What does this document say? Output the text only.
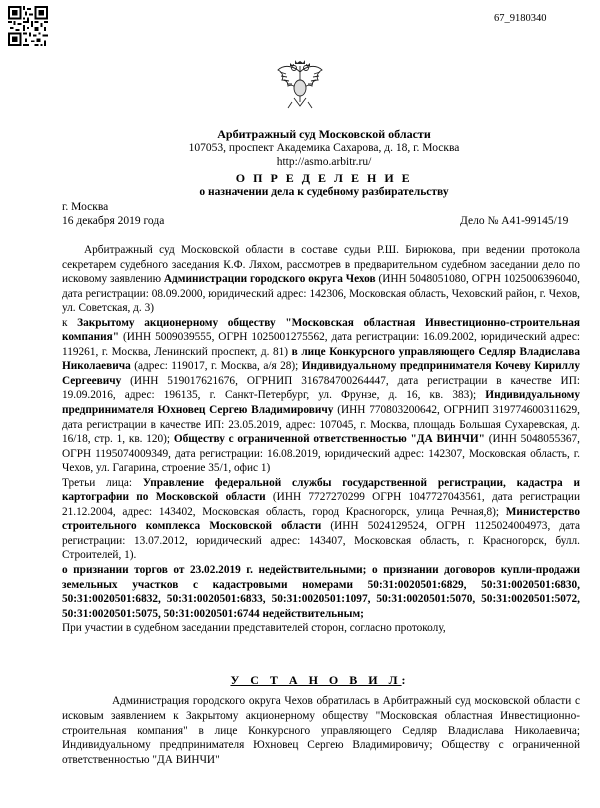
67_9180340
Арбитражный суд Московской области
107053, проспект Академика Сахарова, д. 18, г. Москва
http://asmo.arbitr.ru/
О П Р Е Д Е Л Е Н И Е
о назначении дела к судебному разбирательству
г. Москва
16 декабря 2019 года	Дело № А41-99145/19

Арбитражный суд Московской области в составе судьи Р.Ш. Бирюкова, при ведении протокола секретарем судебного заседания К.Ф. Ляхом, рассмотрев в предварительном судебном заседании дело по исковому заявлению Администрации городского округа Чехов (ИНН 5048051080, ОГРН 1025006396040, дата регистрации: 08.09.2000, юридический адрес: 142306, Московская область, Чеховский район, г. Чехов, ул. Советская, д. 3)

к Закрытому акционерному обществу "Московская областная Инвестиционно-строительная компания" (ИНН 5009039555, ОГРН 1025001275562, дата регистрации: 16.09.2002, юридический адрес: 119261, г. Москва, Ленинский проспект, д. 81) в лице Конкурсного управляющего Седляр Владислава Николаевича (адрес: 119017, г. Москва, а/я 28); Индивидуальному предпринимателя Кочеву Кириллу Сергеевичу (ИНН 519017621676, ОГРНИП 316784700264447, дата регистрации в качестве ИП: 19.09.2016, адрес: 196135, г. Санкт-Петербург, ул. Фрунзе, д. 16, кв. 383); Индивидуальному предпринимателя Юхновец Сергею Владимировичу (ИНН 770803200642, ОГРНИП 319774600311629, дата регистрации в качестве ИП: 23.05.2019, адрес: 107045, г. Москва, площадь Большая Сухаревская, д. 16/18, стр. 1, кв. 120); Обществу с ограниченной ответственностью "ДА ВИНЧИ" (ИНН 5048055367, ОГРН 1195074009349, дата регистрации: 16.08.2019, юридический адрес: 142307, Московская область, г. Чехов, ул. Гагарина, строение 35/1, офис 1)

Третьи лица: Управление федеральной службы государственной регистрации, кадастра и картографии по Московской области (ИНН 7727270299 ОГРН 1047727043561, дата регистрации 21.12.2004, адрес: 143402, Московская область, город Красногорск, улица Речная,8); Министерство строительного комплекса Московской области (ИНН 5024129524, ОГРН 1125024004973, дата регистрации: 13.07.2012, юридический адрес: 143407, Московская область, г. Красногорск, булл. Строителей, 1).

о признании торгов от 23.02.2019 г. недействительными; о признании договоров купли-продажи земельных участков с кадастровыми номерами 50:31:0020501:6829, 50:31:0020501:6830, 50:31:0020501:6832, 50:31:0020501:6833, 50:31:0020501:1097, 50:31:0020501:5070, 50:31:0020501:5072, 50:31:0020501:5075, 50:31:0020501:6744 недействительным;

При участии в судебном заседании представителей сторон, согласно протоколу,

У С Т А Н О В И Л:

Администрация городского округа Чехов обратилась в Арбитражный суд московской области с исковым заявлением к Закрытому акционерному обществу "Московская областная Инвестиционно-строительная компания" в лице Конкурсного управляющего Седляр Владислава Николаевича; Индивидуальному предпринимателя Юхновец Сергею Владимировичу; Обществу с ограниченной ответственностью "ДА ВИНЧИ"
